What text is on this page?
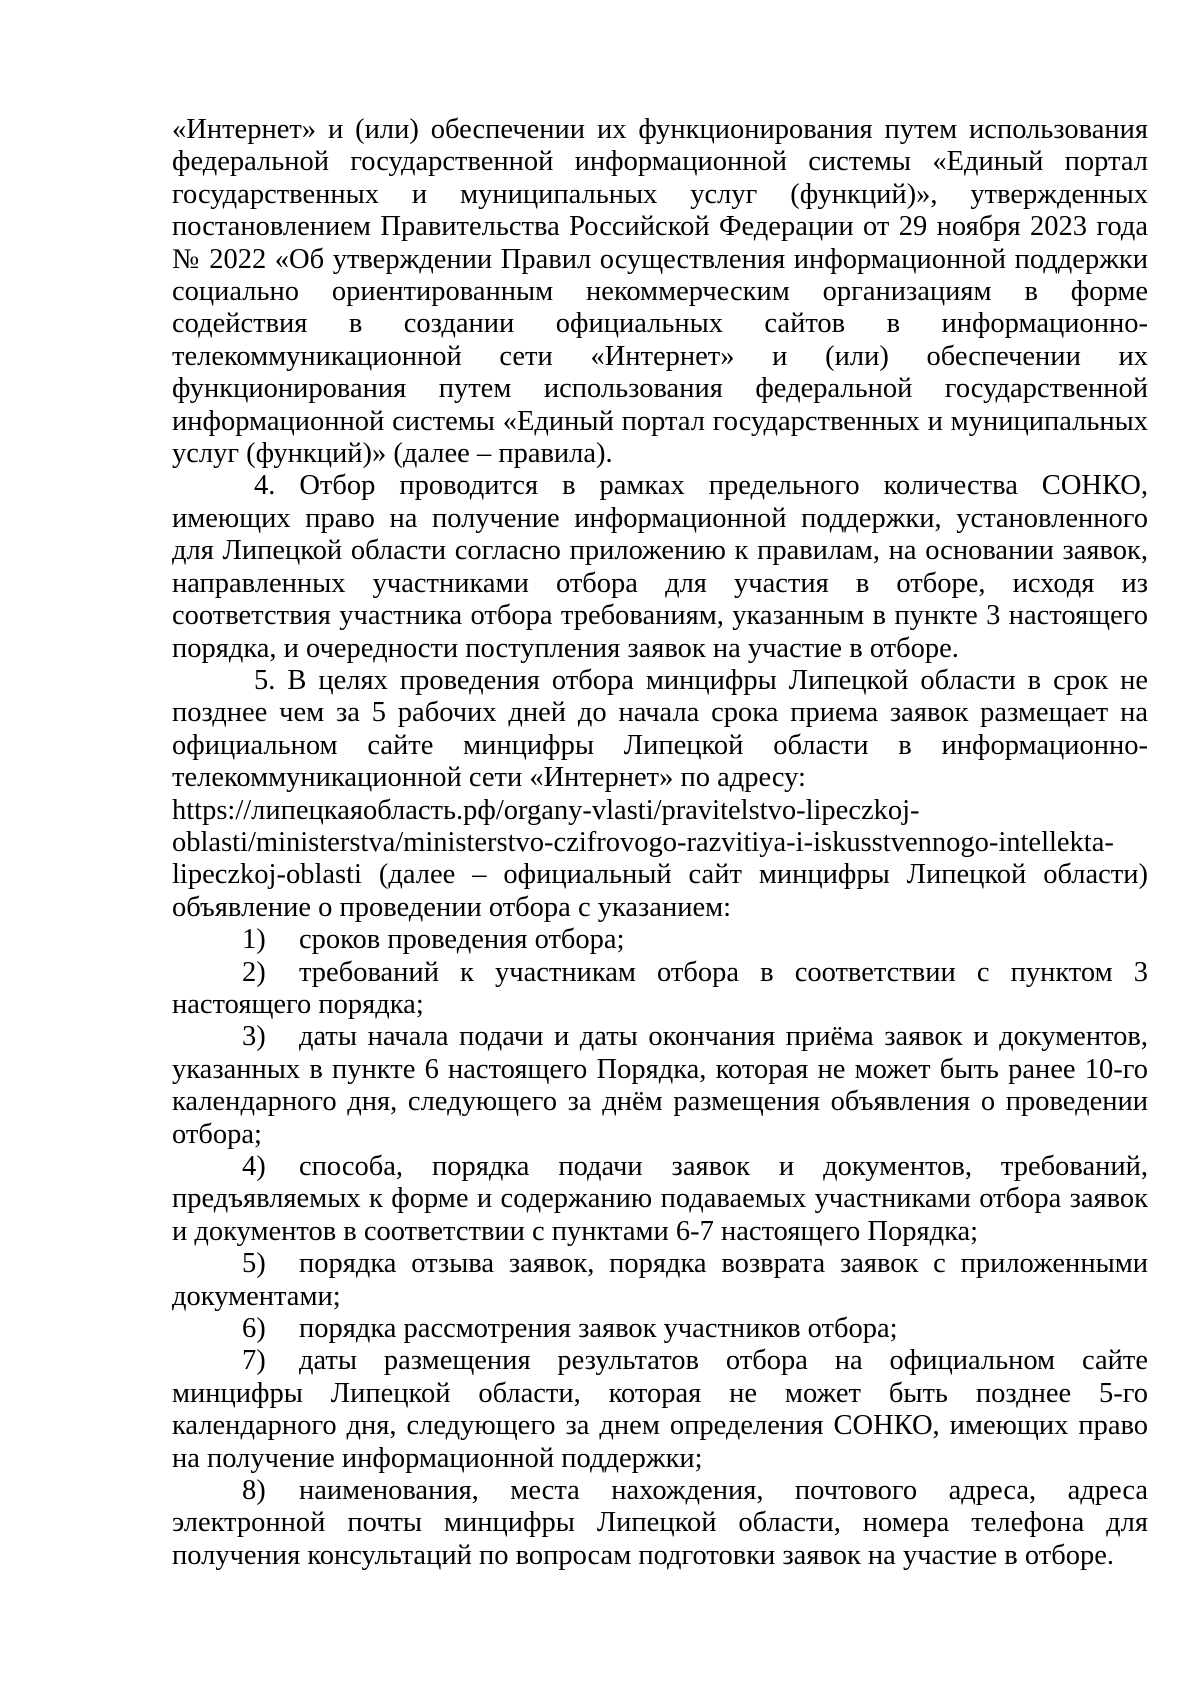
«Интернет» и (или) обеспечении их функционирования путем использования федеральной государственной информационной системы «Единый портал государственных и муниципальных услуг (функций)», утвержденных постановлением Правительства Российской Федерации от 29 ноября 2023 года № 2022 «Об утверждении Правил осуществления информационной поддержки социально ориентированным некоммерческим организациям в форме содействия в создании официальных сайтов в информационно-телекоммуникационной сети «Интернет» и (или) обеспечении их функционирования путем использования федеральной государственной информационной системы «Единый портал государственных и муниципальных услуг (функций)» (далее – правила).

4. Отбор проводится в рамках предельного количества СОНКО, имеющих право на получение информационной поддержки, установленного для Липецкой области согласно приложению к правилам, на основании заявок, направленных участниками отбора для участия в отборе, исходя из соответствия участника отбора требованиям, указанным в пункте 3 настоящего порядка, и очередности поступления заявок на участие в отборе.

5. В целях проведения отбора минцифры Липецкой области в срок не позднее чем за 5 рабочих дней до начала срока приема заявок размещает на официальном сайте минцифры Липецкой области в информационно-телекоммуникационной сети «Интернет» по адресу:

https://липецкаяобласть.рф/organy-vlasti/pravitelstvo-lipeczkoj-

oblasti/ministerstva/ministerstvo-czifrovogo-razvitiya-i-iskusstvennogo-intellekta-

lipeczkoj-oblasti (далее – официальный сайт минцифры Липецкой области) объявление о проведении отбора с указанием:

1) сроков проведения отбора;

2) требований к участникам отбора в соответствии с пунктом 3 настоящего порядка;

3) даты начала подачи и даты окончания приёма заявок и документов, указанных в пункте 6 настоящего Порядка, которая не может быть ранее 10-го календарного дня, следующего за днём размещения объявления о проведении отбора;

4) способа, порядка подачи заявок и документов, требований, предъявляемых к форме и содержанию подаваемых участниками отбора заявок и документов в соответствии с пунктами 6-7 настоящего Порядка;

5) порядка отзыва заявок, порядка возврата заявок с приложенными документами;

6) порядка рассмотрения заявок участников отбора;

7) даты размещения результатов отбора на официальном сайте минцифры Липецкой области, которая не может быть позднее 5-го календарного дня, следующего за днем определения СОНКО, имеющих право на получение информационной поддержки;

8) наименования, места нахождения, почтового адреса, адреса электронной почты минцифры Липецкой области, номера телефона для получения консультаций по вопросам подготовки заявок на участие в отборе.
